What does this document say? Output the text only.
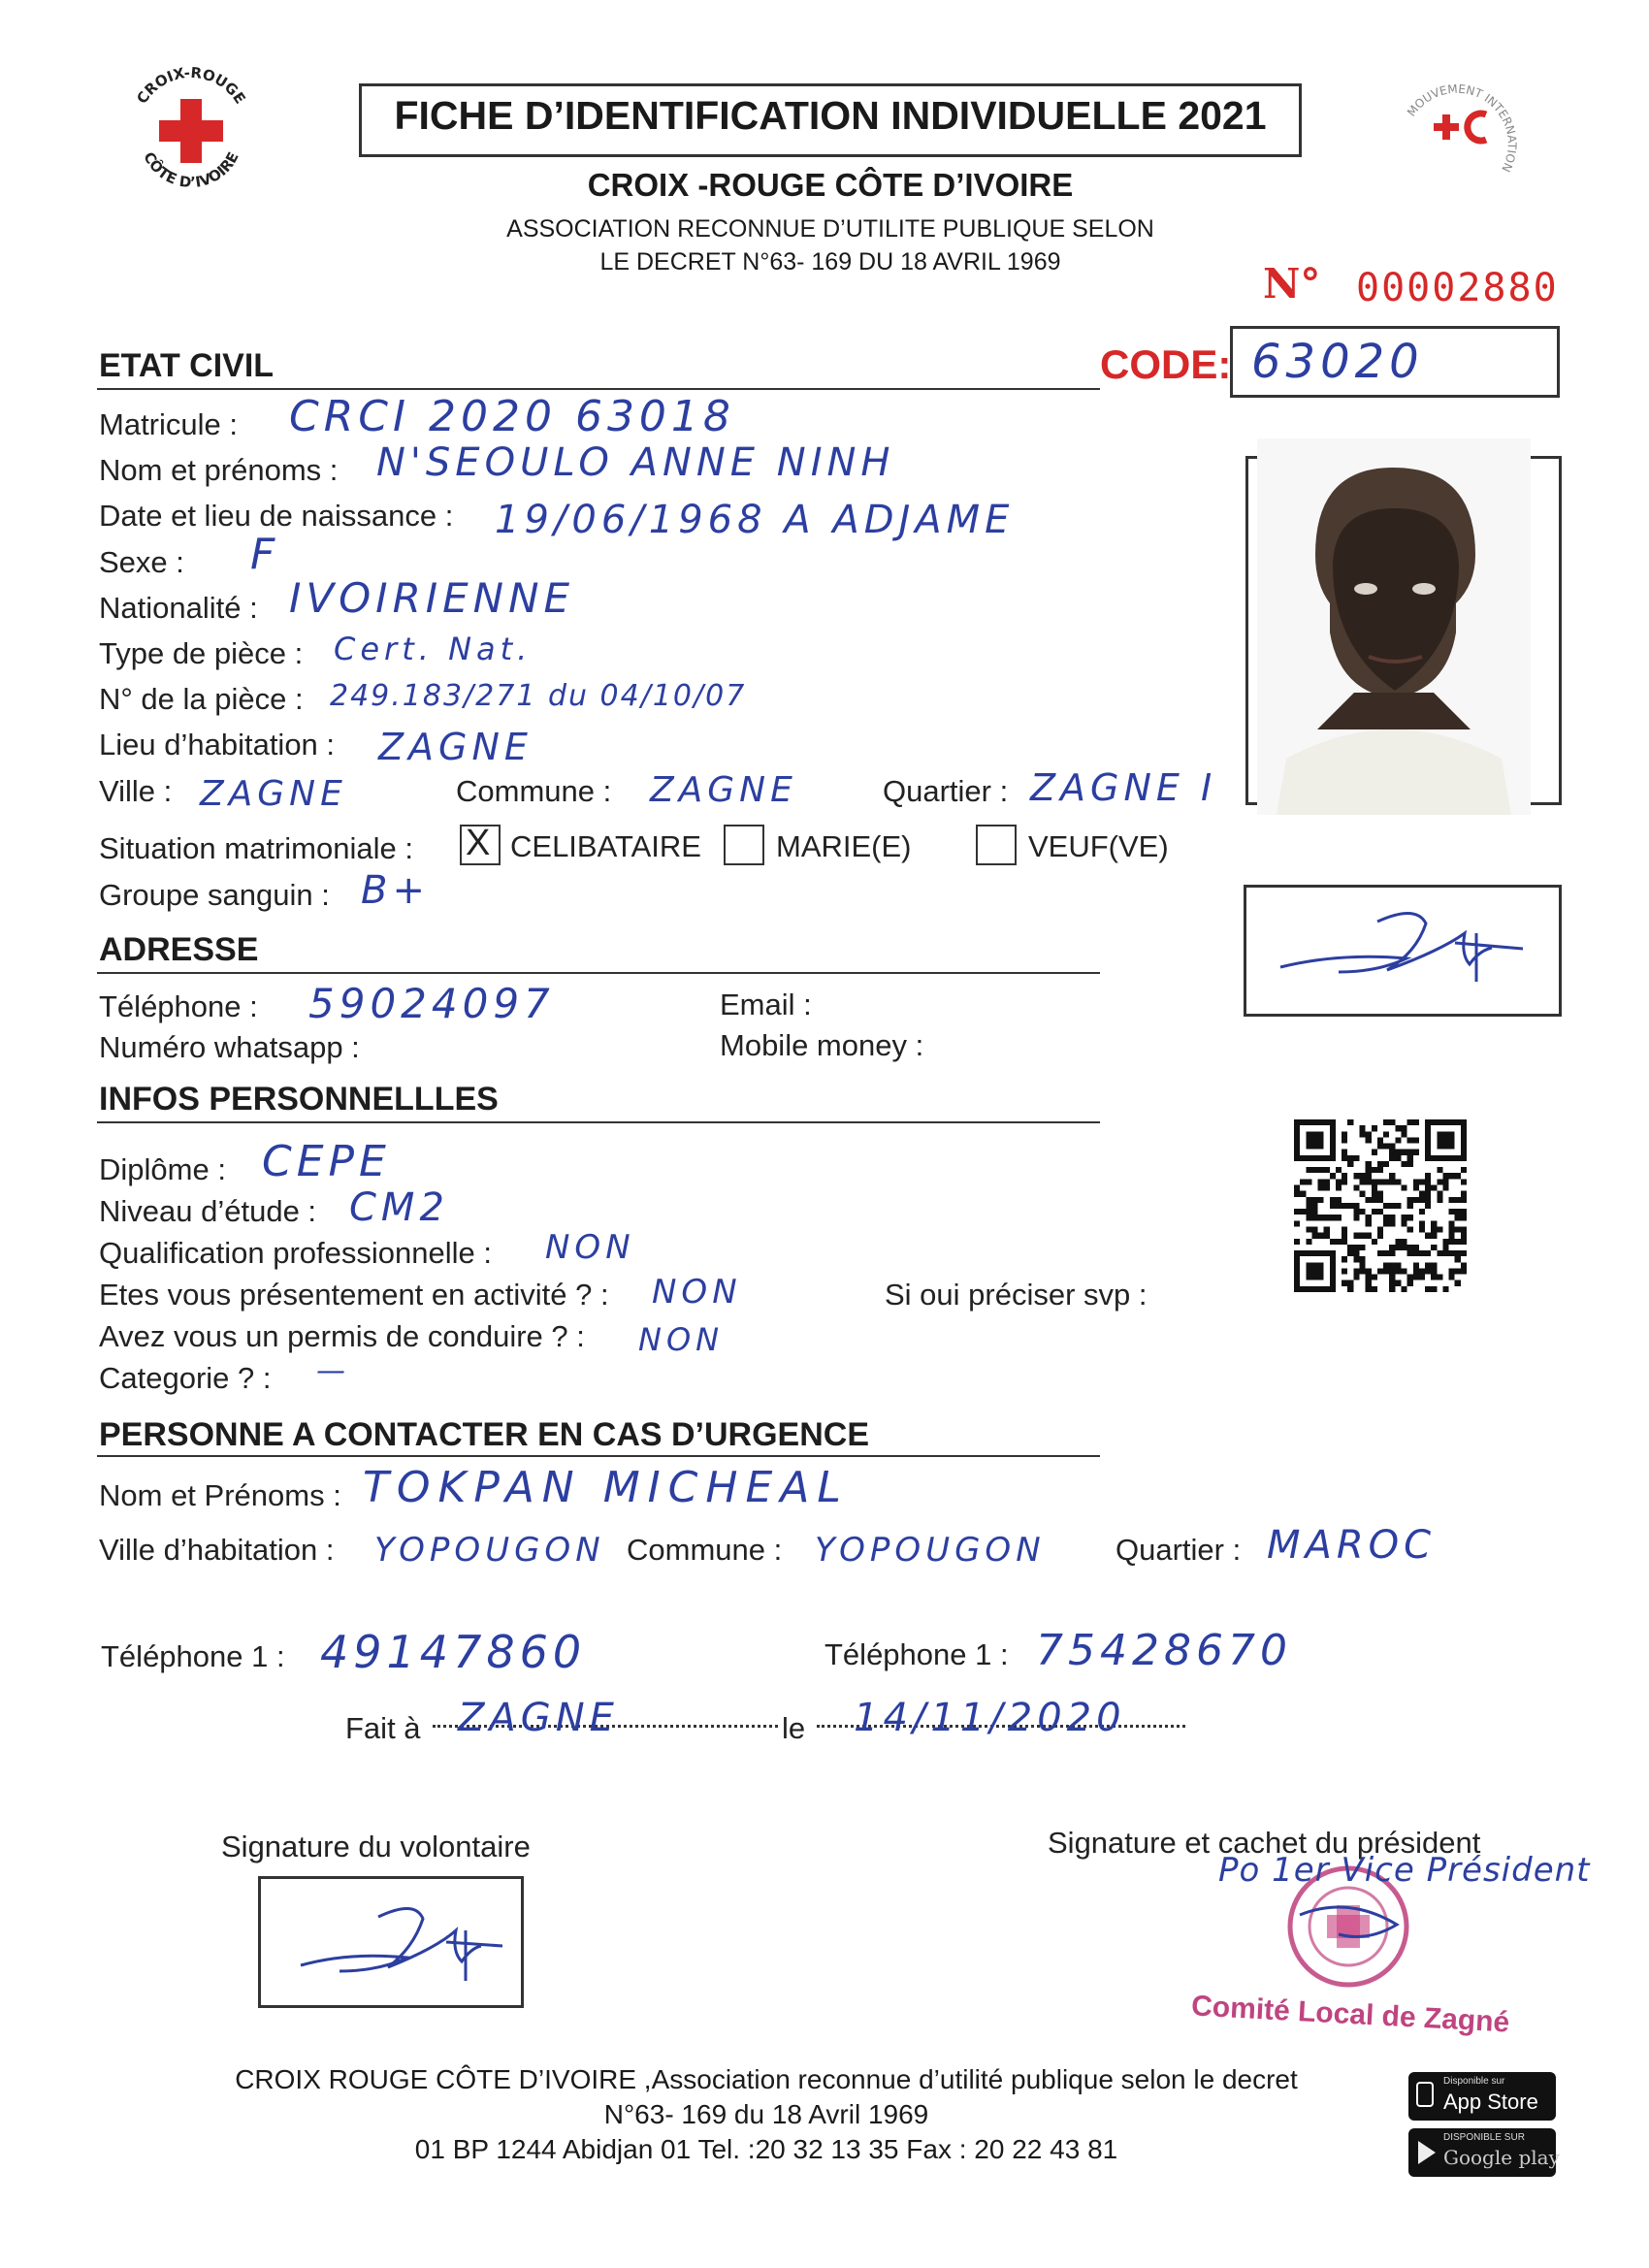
CROIX-ROUGE
CÔTE D’IVOIRE
FICHE D’IDENTIFICATION INDIVIDUELLE 2021
CROIX -ROUGE CÔTE D’IVOIRE
ASSOCIATION RECONNUE D’UTILITE PUBLIQUE SELON
LE DECRET N°63- 169 DU 18 AVRIL 1969
MOUVEMENT INTERNATION
N° 00002880
CODE: 63020
ETAT CIVIL
Matricule : CRCI 2020 63018
Nom et prénoms : N'SEOULO ANNE NINH
Date et lieu de naissance : 19/06/1968 A ADJAME
Sexe : F
Nationalité : IVOIRIENNE
Type de pièce : Cert. Nat.
N° de la pièce : 249.183/271 du 04/10/07
Lieu d’habitation : ZAGNE
Ville : ZAGNE	Commune : ZAGNE	Quartier : ZAGNE I
Situation matrimoniale : X CELIBATAIRE MARIE(E)	VEUF(VE)
Groupe sanguin : B+
ADRESSE
Téléphone : 59024097	Email :
Numéro whatsapp :	Mobile money :
INFOS PERSONNELLLES
Diplôme : CEPE
Niveau d’étude : CM2
Qualification professionnelle : NON
Etes vous présentement en activité ? : NON	Si oui préciser svp :
Avez vous un permis de conduire ? : NON
Categorie ? : —
PERSONNE A CONTACTER EN CAS D’URGENCE
Nom et Prénoms : TOKPAN MICHEAL
Ville d’habitation : YOPOUGON Commune : YOPOUGON Quartier : MAROC
Téléphone 1 : 49147860	Téléphone 1 : 75428670
Fait à ZAGNE	le 14/11/2020
Signature du volontaire	Signature et cachet du président
Po 1er Vice Président
Comité Local de Zagné
CROIX ROUGE CÔTE D’IVOIRE ,Association reconnue d’utilité publique selon le decret
N°63- 169 du 18 Avril 1969
01 BP 1244 Abidjan 01 Tel. :20 32 13 35 Fax : 20 22 43 81
Disponible sur
App Store
DISPONIBLE SUR
Google play
